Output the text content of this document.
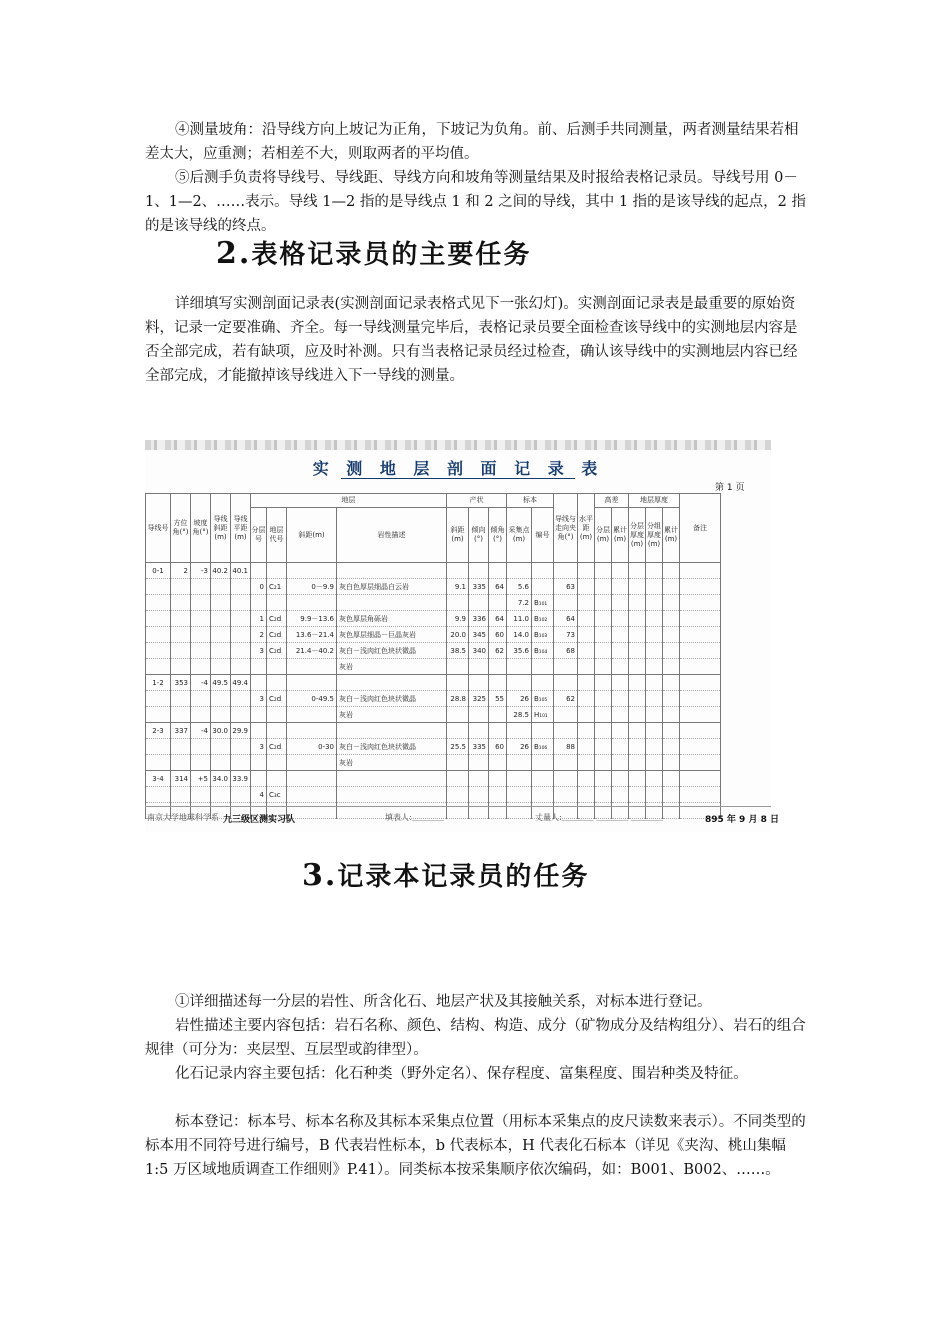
④测量坡角：沿导线方向上坡记为正角，下坡记为负角。前、后测手共同测量，两者测量结果若相差太大，应重测；若相差不大，则取两者的平均值。

⑤后测手负责将导线号、导线距、导线方向和坡角等测量结果及时报给表格记录员。导线号用 0－1、1—2、……表示。导线 1—2 指的是导线点 1 和 2 之间的导线，其中 1 指的是该导线的起点，2 指的是该导线的终点。

2.表格记录员的主要任务

详细填写实测剖面记录表(实测剖面记录表格式见下一张幻灯)。实测剖面记录表是最重要的原始资料，记录一定要准确、齐全。每一导线测量完毕后，表格记录员要全面检查该导线中的实测地层内容是否全部完成，若有缺项，应及时补测。只有当表格记录员经过检查，确认该导线中的实测地层内容已经全部完成，才能撤掉该导线进入下一导线的测量。

实 测 地 层 剖 面 记 录 表
第 1 页
导线号	方位角(°)	坡度角(°)	导线斜距(m)	导线平距(m)	地层				产状			标本		导线与走向夹角(°)	水平距(m)	高差		地层厚度			备注
					分层号	地层代号	斜距(m)	岩性描述	斜距(m)	倾向(°)	倾角(°)	采集点(m)	编号			分层(m)	累计(m)	分层厚度(m)	分组厚度(m)	累计(m)	
0-1	2	-3	40.2	40.1																	
					0	C₂1	0－9.9	灰白色厚层细晶白云岩	9.1	335	64	5.6		63							
												7.2	B₁₀₁								
					1	C₂d	9.9－13.6	灰色厚层角砾岩	9.9	336	64	11.0	B₁₀₂	64							
					2	C₂d	13.6－21.4	灰色厚层细晶－巨晶灰岩	20.0	345	60	14.0	B₁₀₃	73							
					3	C₂d	21.4－40.2	灰白－浅肉红色块状微晶	38.5	340	62	35.6	B₁₀₄	68							
								灰岩													
1-2	353	-4	49.5	49.4																	
					3	C₂d	0-49.5	灰白－浅肉红色块状微晶	28.8	325	55	26	B₁₀₅	62							
								灰岩				28.5	H₁₀₁								
2-3	337	-4	30.0	29.9																	
					3	C₂d	0-30	灰白－浅肉红色块状微晶	25.5	335	60	26	B₁₀₆	88							
								灰岩													
3-4	314	+5	34.0	33.9																	
					4	C₃c															

南京大学地球科学系 九三级区测实习队	填表人:＿＿＿＿	丈量人:＿＿＿＿ ＿＿＿＿ ＿＿＿＿	895 年 9 月 8 日
3.记录本记录员的任务

①详细描述每一分层的岩性、所含化石、地层产状及其接触关系，对标本进行登记。

岩性描述主要内容包括：岩石名称、颜色、结构、构造、成分（矿物成分及结构组分）、岩石的组合规律（可分为：夹层型、互层型或韵律型）。

化石记录内容主要包括：化石种类（野外定名）、保存程度、富集程度、围岩种类及特征。

标本登记：标本号、标本名称及其标本采集点位置（用标本采集点的皮尺读数来表示）。不同类型的标本用不同符号进行编号，B 代表岩性标本，b 代表标本，H 代表化石标本（详见《夹沟、桃山集幅 1:5 万区域地质调查工作细则》P.41）。同类标本按采集顺序依次编码，如：B001、B002、……。
